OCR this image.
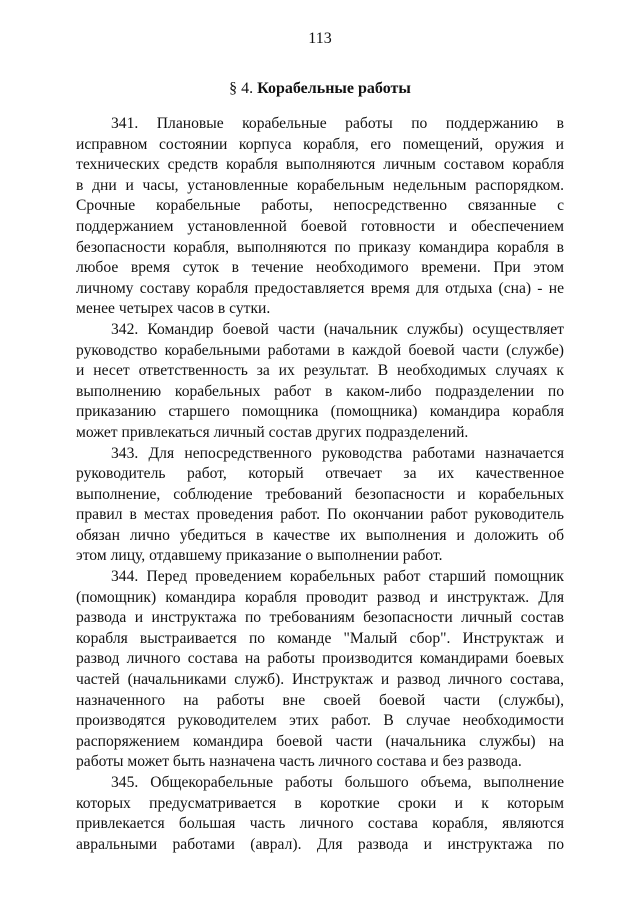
113
§ 4. Корабельные работы
341. Плановые корабельные работы по поддержанию в
исправном состоянии корпуса корабля, его помещений, оружия и
технических средств корабля выполняются личным составом корабля
в дни и часы, установленные корабельным недельным распорядком.
Срочные корабельные работы, непосредственно связанные с
поддержанием установленной боевой готовности и обеспечением
безопасности корабля, выполняются по приказу командира корабля в
любое время суток в течение необходимого времени. При этом
личному составу корабля предоставляется время для отдыха (сна) - не
менее четырех часов в сутки.
342. Командир боевой части (начальник службы) осуществляет
руководство корабельными работами в каждой боевой части (службе)
и несет ответственность за их результат. В необходимых случаях к
выполнению корабельных работ в каком-либо подразделении по
приказанию старшего помощника (помощника) командира корабля
может привлекаться личный состав других подразделений.
343. Для непосредственного руководства работами назначается
руководитель работ, который отвечает за их качественное
выполнение, соблюдение требований безопасности и корабельных
правил в местах проведения работ. По окончании работ руководитель
обязан лично убедиться в качестве их выполнения и доложить об
этом лицу, отдавшему приказание о выполнении работ.
344. Перед проведением корабельных работ старший помощник
(помощник) командира корабля проводит развод и инструктаж. Для
развода и инструктажа по требованиям безопасности личный состав
корабля выстраивается по команде "Малый сбор". Инструктаж и
развод личного состава на работы производится командирами боевых
частей (начальниками служб). Инструктаж и развод личного состава,
назначенного на работы вне своей боевой части (службы),
производятся руководителем этих работ. В случае необходимости
распоряжением командира боевой части (начальника службы) на
работы может быть назначена часть личного состава и без развода.
345. Общекорабельные работы большого объема, выполнение
которых предусматривается в короткие сроки и к которым
привлекается большая часть личного состава корабля, являются
авральными работами (аврал). Для развода и инструктажа по
